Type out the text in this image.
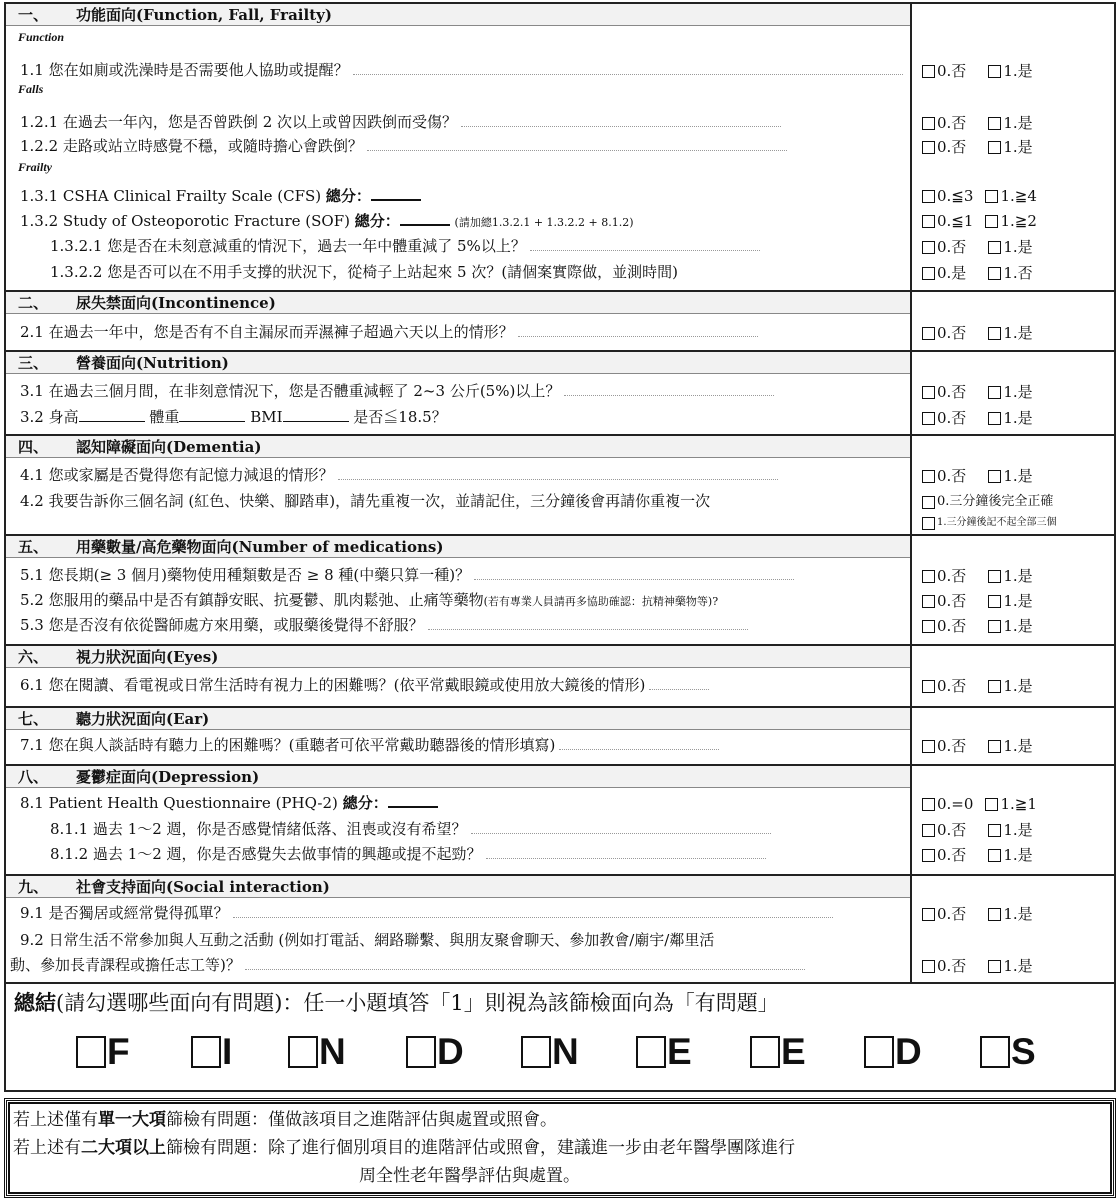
一、 功能面向(Function, Fall, Frailty)
Function
1.1 您在如廁或洗澡時是否需要他人協助或提醒？	0.否 1.是
Falls
1.2.1 在過去一年內，您是否曾跌倒 2 次以上或曾因跌倒而受傷？	0.否 1.是
1.2.2 走路或站立時感覺不穩，或隨時擔心會跌倒？	0.否 1.是
Frailty
1.3.1 CSHA Clinical Frailty Scale (CFS) 總分：	0.≦3 1.≧4
1.3.2 Study of Osteoporotic Fracture (SOF) 總分：	(請加總1.3.2.1 + 1.3.2.2 + 8.1.2)	0.≦1 1.≧2
1.3.2.1 您是否在未刻意減重的情況下，過去一年中體重減了 5%以上？	0.否 1.是
1.3.2.2 您是否可以在不用手支撐的狀況下，從椅子上站起來 5 次？(請個案實際做，並測時間)	0.是 1.否
二、 尿失禁面向(Incontinence)
2.1 在過去一年中，您是否有不自主漏尿而弄濕褲子超過六天以上的情形？	0.否 1.是
三、 營養面向(Nutrition)
3.1 在過去三個月間，在非刻意情況下，您是否體重減輕了 2~3 公斤(5%)以上？	0.否 1.是
3.2 身高	體重	BMI	是否≦18.5？	0.否 1.是
四、 認知障礙面向(Dementia)
4.1 您或家屬是否覺得您有記憶力減退的情形？	0.否 1.是
4.2 我要告訴你三個名詞 (紅色、快樂、腳踏車)，請先重複一次，並請記住，三分鐘後會再請你重複一次	0.三分鐘後完全正確
1.三分鐘後記不起全部三個
五、 用藥數量/高危藥物面向(Number of medications)
5.1 您長期(≥ 3 個月)藥物使用種類數是否 ≥ 8 種(中藥只算一種)？	0.否 1.是
5.2 您服用的藥品中是否有鎮靜安眠、抗憂鬱、肌肉鬆弛、止痛等藥物(若有專業人員請再多協助確認：抗精神藥物等)?	0.否 1.是
5.3 您是否沒有依從醫師處方來用藥，或服藥後覺得不舒服？	0.否 1.是
六、 視力狀況面向(Eyes)
6.1 您在閱讀、看電視或日常生活時有視力上的困難嗎？(依平常戴眼鏡或使用放大鏡後的情形)	0.否 1.是
七、 聽力狀況面向(Ear)
7.1 您在與人談話時有聽力上的困難嗎？(重聽者可依平常戴助聽器後的情形填寫)	0.否 1.是
八、 憂鬱症面向(Depression)
8.1 Patient Health Questionnaire (PHQ-2) 總分：	0.=0 1.≧1
8.1.1 過去 1～2 週，你是否感覺情緒低落、沮喪或沒有希望？	0.否 1.是
8.1.2 過去 1～2 週，你是否感覺失去做事情的興趣或提不起勁？	0.否 1.是
九、 社會支持面向(Social interaction)
9.1 是否獨居或經常覺得孤單？	0.否 1.是
9.2 日常生活不常參加與人互動之活動 (例如打電話、網路聯繫、與朋友聚會聊天、參加教會/廟宇/鄰里活
動、參加長青課程或擔任志工等)？	0.否 1.是
總結(請勾選哪些面向有問題)：任一小題填答「1」則視為該篩檢面向為「有問題」
F I N D N E E D S
若上述僅有單一大項篩檢有問題：僅做該項目之進階評估與處置或照會。
若上述有二大項以上篩檢有問題：除了進行個別項目的進階評估或照會，建議進一步由老年醫學團隊進行
周全性老年醫學評估與處置。
